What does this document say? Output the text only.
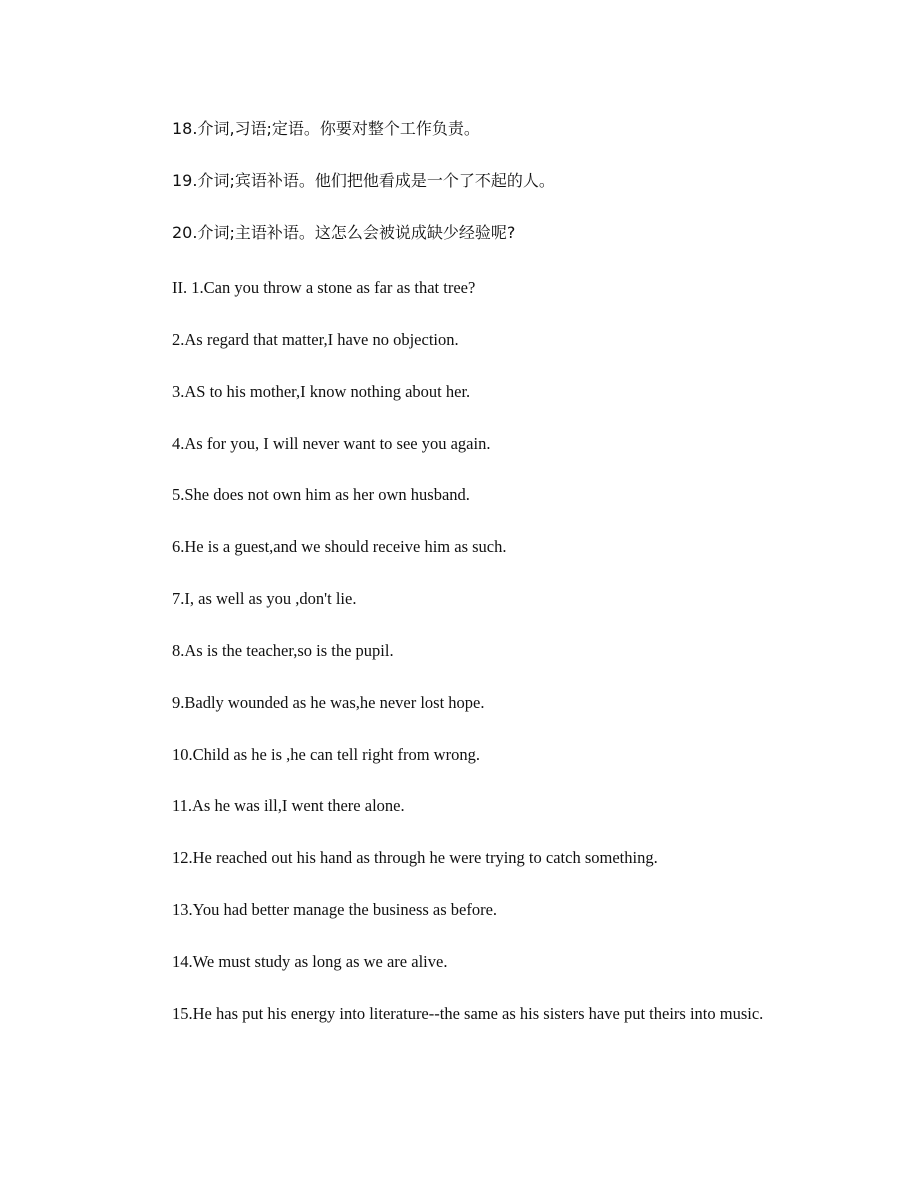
18.介词,习语;定语。你要对整个工作负责。
19.介词;宾语补语。他们把他看成是一个了不起的人。
20.介词;主语补语。这怎么会被说成缺少经验呢?
II. 1.Can you throw a stone as far as that tree?
2.As regard that matter,I have no objection.
3.AS to his mother,I know nothing about her.
4.As for you, I will never want to see you again.
5.She does not own him as her own husband.
6.He is a guest,and we should receive him as such.
7.I, as well as you ,don't lie.
8.As is the teacher,so is the pupil.
9.Badly wounded as he was,he never lost hope.
10.Child as he is ,he can tell right from wrong.
11.As he was ill,I went there alone.
12.He reached out his hand as through he were trying to catch something.
13.You had better manage the business as before.
14.We must study as long as we are alive.
15.He has put his energy into literature--the same as his sisters have put theirs into music.
